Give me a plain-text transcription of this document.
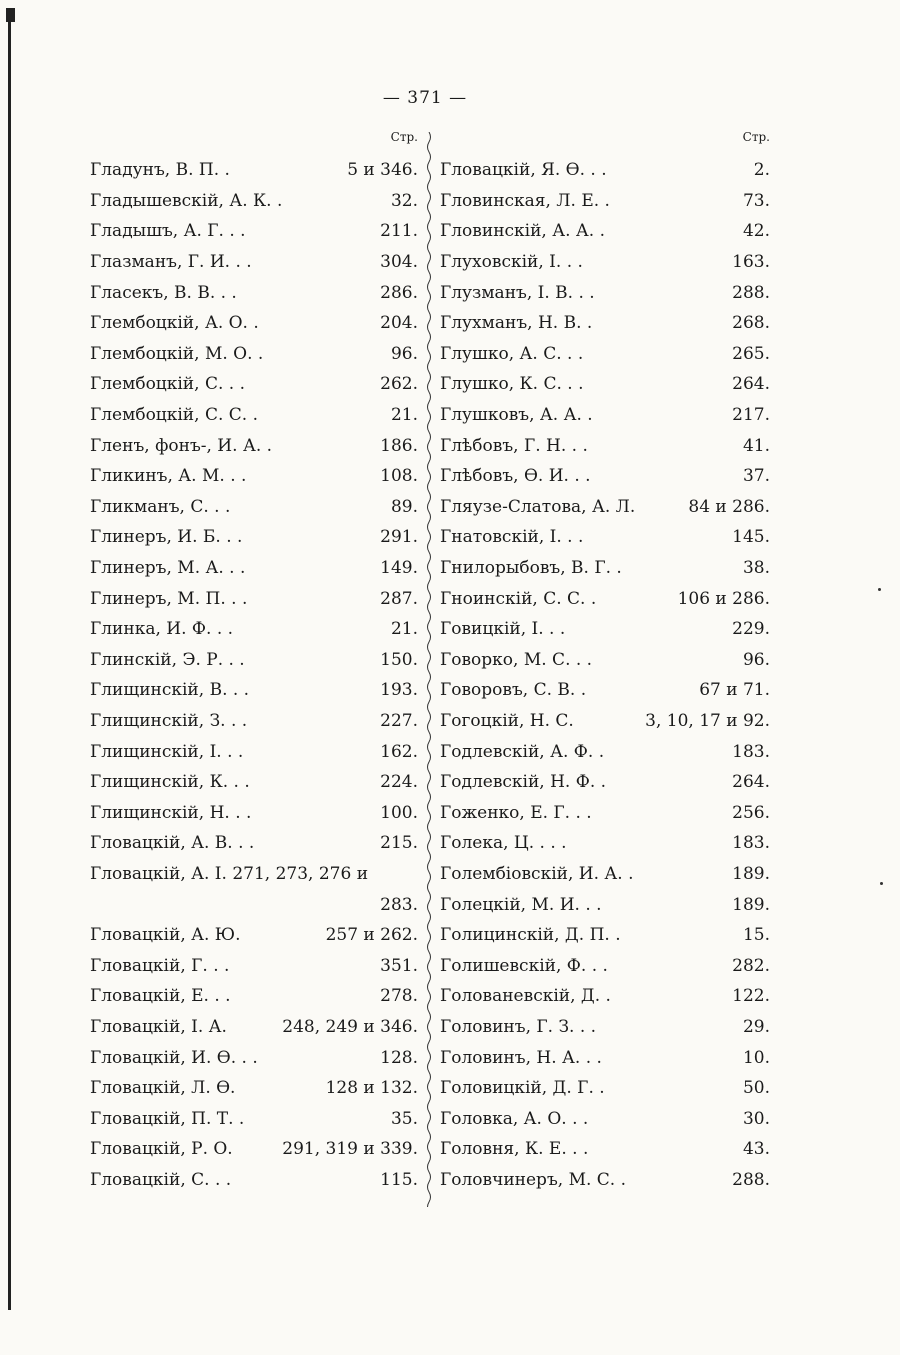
— 371 —
Стр.
Гладунъ, В. П. .	5 и 346.
Гладышевскій, А. К. .	32.
Гладышъ, А. Г. . .	211.
Глазманъ, Г. И. . .	304.
Гласекъ, В. В. . .	286.
Глембоцкій, А. О. .	204.
Глембоцкій, М. О. .	96.
Глембоцкій, С. . .	262.
Глембоцкій, С. С. .	21.
Гленъ, фонъ-, И. А. .	186.
Гликинъ, А. М. . .	108.
Гликманъ, С. . .	89.
Глинеръ, И. Б. . .	291.
Глинеръ, М. А. . .	149.
Глинеръ, М. П. . .	287.
Глинка, И. Ф. . .	21.
Глинскій, Э. Р. . .	150.
Глищинскій, В. . .	193.
Глищинскій, З. . .	227.
Глищинскій, І. . .	162.
Глищинскій, К. . .	224.
Глищинскій, Н. . .	100.
Гловацкій, А. В. . .	215.
Гловацкій, А. І. 271, 273, 276 и
283.
Гловацкій, А. Ю.	257 и 262.
Гловацкій, Г. . .	351.
Гловацкій, Е. . .	278.
Гловацкій, І. А.	248, 249 и 346.
Гловацкій, И. Ѳ. . .	128.
Гловацкій, Л. Ѳ.	128 и 132.
Гловацкій, П. Т. .	35.
Гловацкій, Р. О.	291, 319 и 339.
Гловацкій, С. . .	115.
Стр.
Гловацкій, Я. Ѳ. . .	2.
Гловинская, Л. Е. .	73.
Гловинскій, А. А. .	42.
Глуховскій, І. . .	163.
Глузманъ, І. В. . .	288.
Глухманъ, Н. В. .	268.
Глушко, А. С. . .	265.
Глушко, К. С. . .	264.
Глушковъ, А. А. .	217.
Глѣбовъ, Г. Н. . .	41.
Глѣбовъ, Ѳ. И. . .	37.
Гляузе-Слатова, А. Л.	84 и 286.
Гнатовскій, І. . .	145.
Гнилорыбовъ, В. Г. .	38.
Гноинскій, С. С. .	106 и 286.
Говицкій, І. . .	229.
Говорко, М. С. . .	96.
Говоровъ, С. В. .	67 и 71.
Гогоцкій, Н. С.	3, 10, 17 и 92.
Годлевскій, А. Ф. .	183.
Годлевскій, Н. Ф. .	264.
Гоженко, Е. Г. . .	256.
Голека, Ц. . . .	183.
Голембіовскій, И. А. .	189.
Голецкій, М. И. . .	189.
Голицинскій, Д. П. .	15.
Голишевскій, Ф. . .	282.
Голованевскій, Д. .	122.
Головинъ, Г. З. . .	29.
Головинъ, Н. А. . .	10.
Головицкій, Д. Г. .	50.
Головка, А. О. . .	30.
Головня, К. Е. . .	43.
Головчинеръ, М. С. .	288.
